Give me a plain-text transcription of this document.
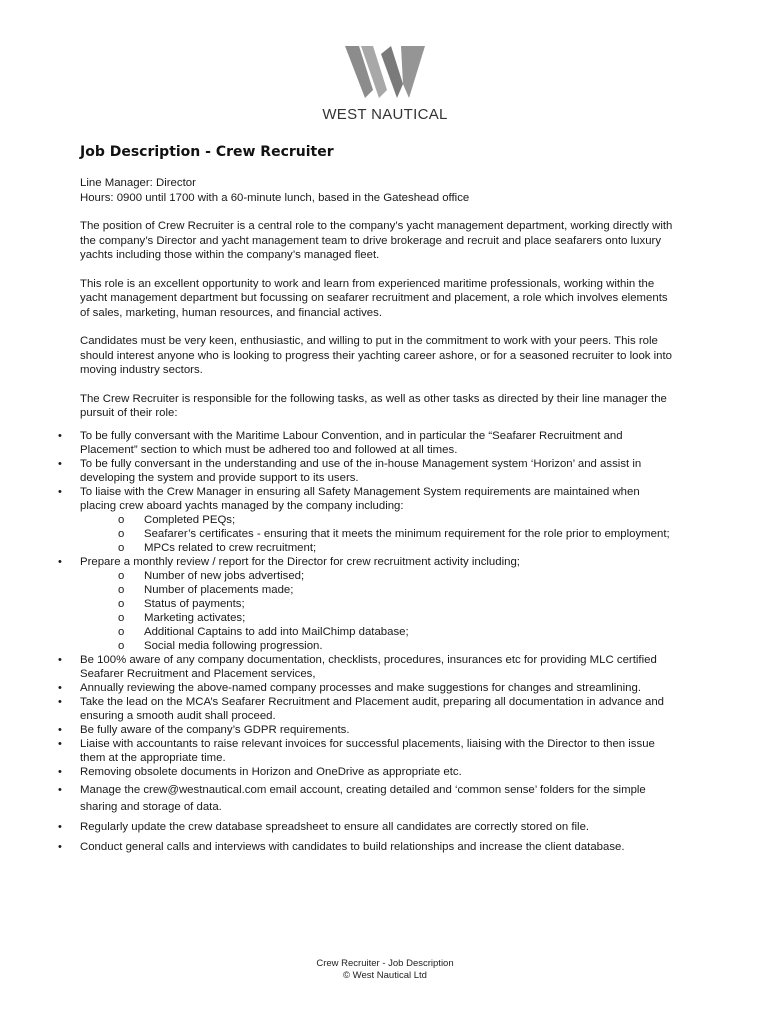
WEST NAUTICAL
Job Description - Crew Recruiter
Line Manager: Director
Hours: 0900 until 1700 with a 60-minute lunch, based in the Gateshead office

The position of Crew Recruiter is a central role to the company’s yacht management department, working directly with the company’s Director and yacht management team to drive brokerage and recruit and place seafarers onto luxury yachts including those within the company’s managed fleet.

This role is an excellent opportunity to work and learn from experienced maritime professionals, working within the yacht management department but focussing on seafarer recruitment and placement, a role which involves elements of sales, marketing, human resources, and financial actives.

Candidates must be very keen, enthusiastic, and willing to put in the commitment to work with your peers. This role should interest anyone who is looking to progress their yachting career ashore, or for a seasoned recruiter to look into moving industry sectors.

The Crew Recruiter is responsible for the following tasks, as well as other tasks as directed by their line manager the pursuit of their role:

• To be fully conversant with the Maritime Labour Convention, and in particular the “Seafarer Recruitment and Placement” section to which must be adhered too and followed at all times.
• To be fully conversant in the understanding and use of the in-house Management system ‘Horizon’ and assist in developing the system and provide support to its users.
• To liaise with the Crew Manager in ensuring all Safety Management System requirements are maintained when placing crew aboard yachts managed by the company including:
o Completed PEQs;
o Seafarer’s certificates - ensuring that it meets the minimum requirement for the role prior to employment;
o MPCs related to crew recruitment;
• Prepare a monthly review / report for the Director for crew recruitment activity including;
o Number of new jobs advertised;
o Number of placements made;
o Status of payments;
o Marketing activates;
o Additional Captains to add into MailChimp database;
o Social media following progression.
• Be 100% aware of any company documentation, checklists, procedures, insurances etc for providing MLC certified Seafarer Recruitment and Placement services,
• Annually reviewing the above-named company processes and make suggestions for changes and streamlining.
• Take the lead on the MCA’s Seafarer Recruitment and Placement audit, preparing all documentation in advance and ensuring a smooth audit shall proceed.
• Be fully aware of the company’s GDPR requirements.
• Liaise with accountants to raise relevant invoices for successful placements, liaising with the Director to then issue them at the appropriate time.
• Removing obsolete documents in Horizon and OneDrive as appropriate etc.
• Manage the crew@westnautical.com email account, creating detailed and ‘common sense’ folders for the simple sharing and storage of data.
• Regularly update the crew database spreadsheet to ensure all candidates are correctly stored on file.
• Conduct general calls and interviews with candidates to build relationships and increase the client database.
Crew Recruiter - Job Description
© West Nautical Ltd
